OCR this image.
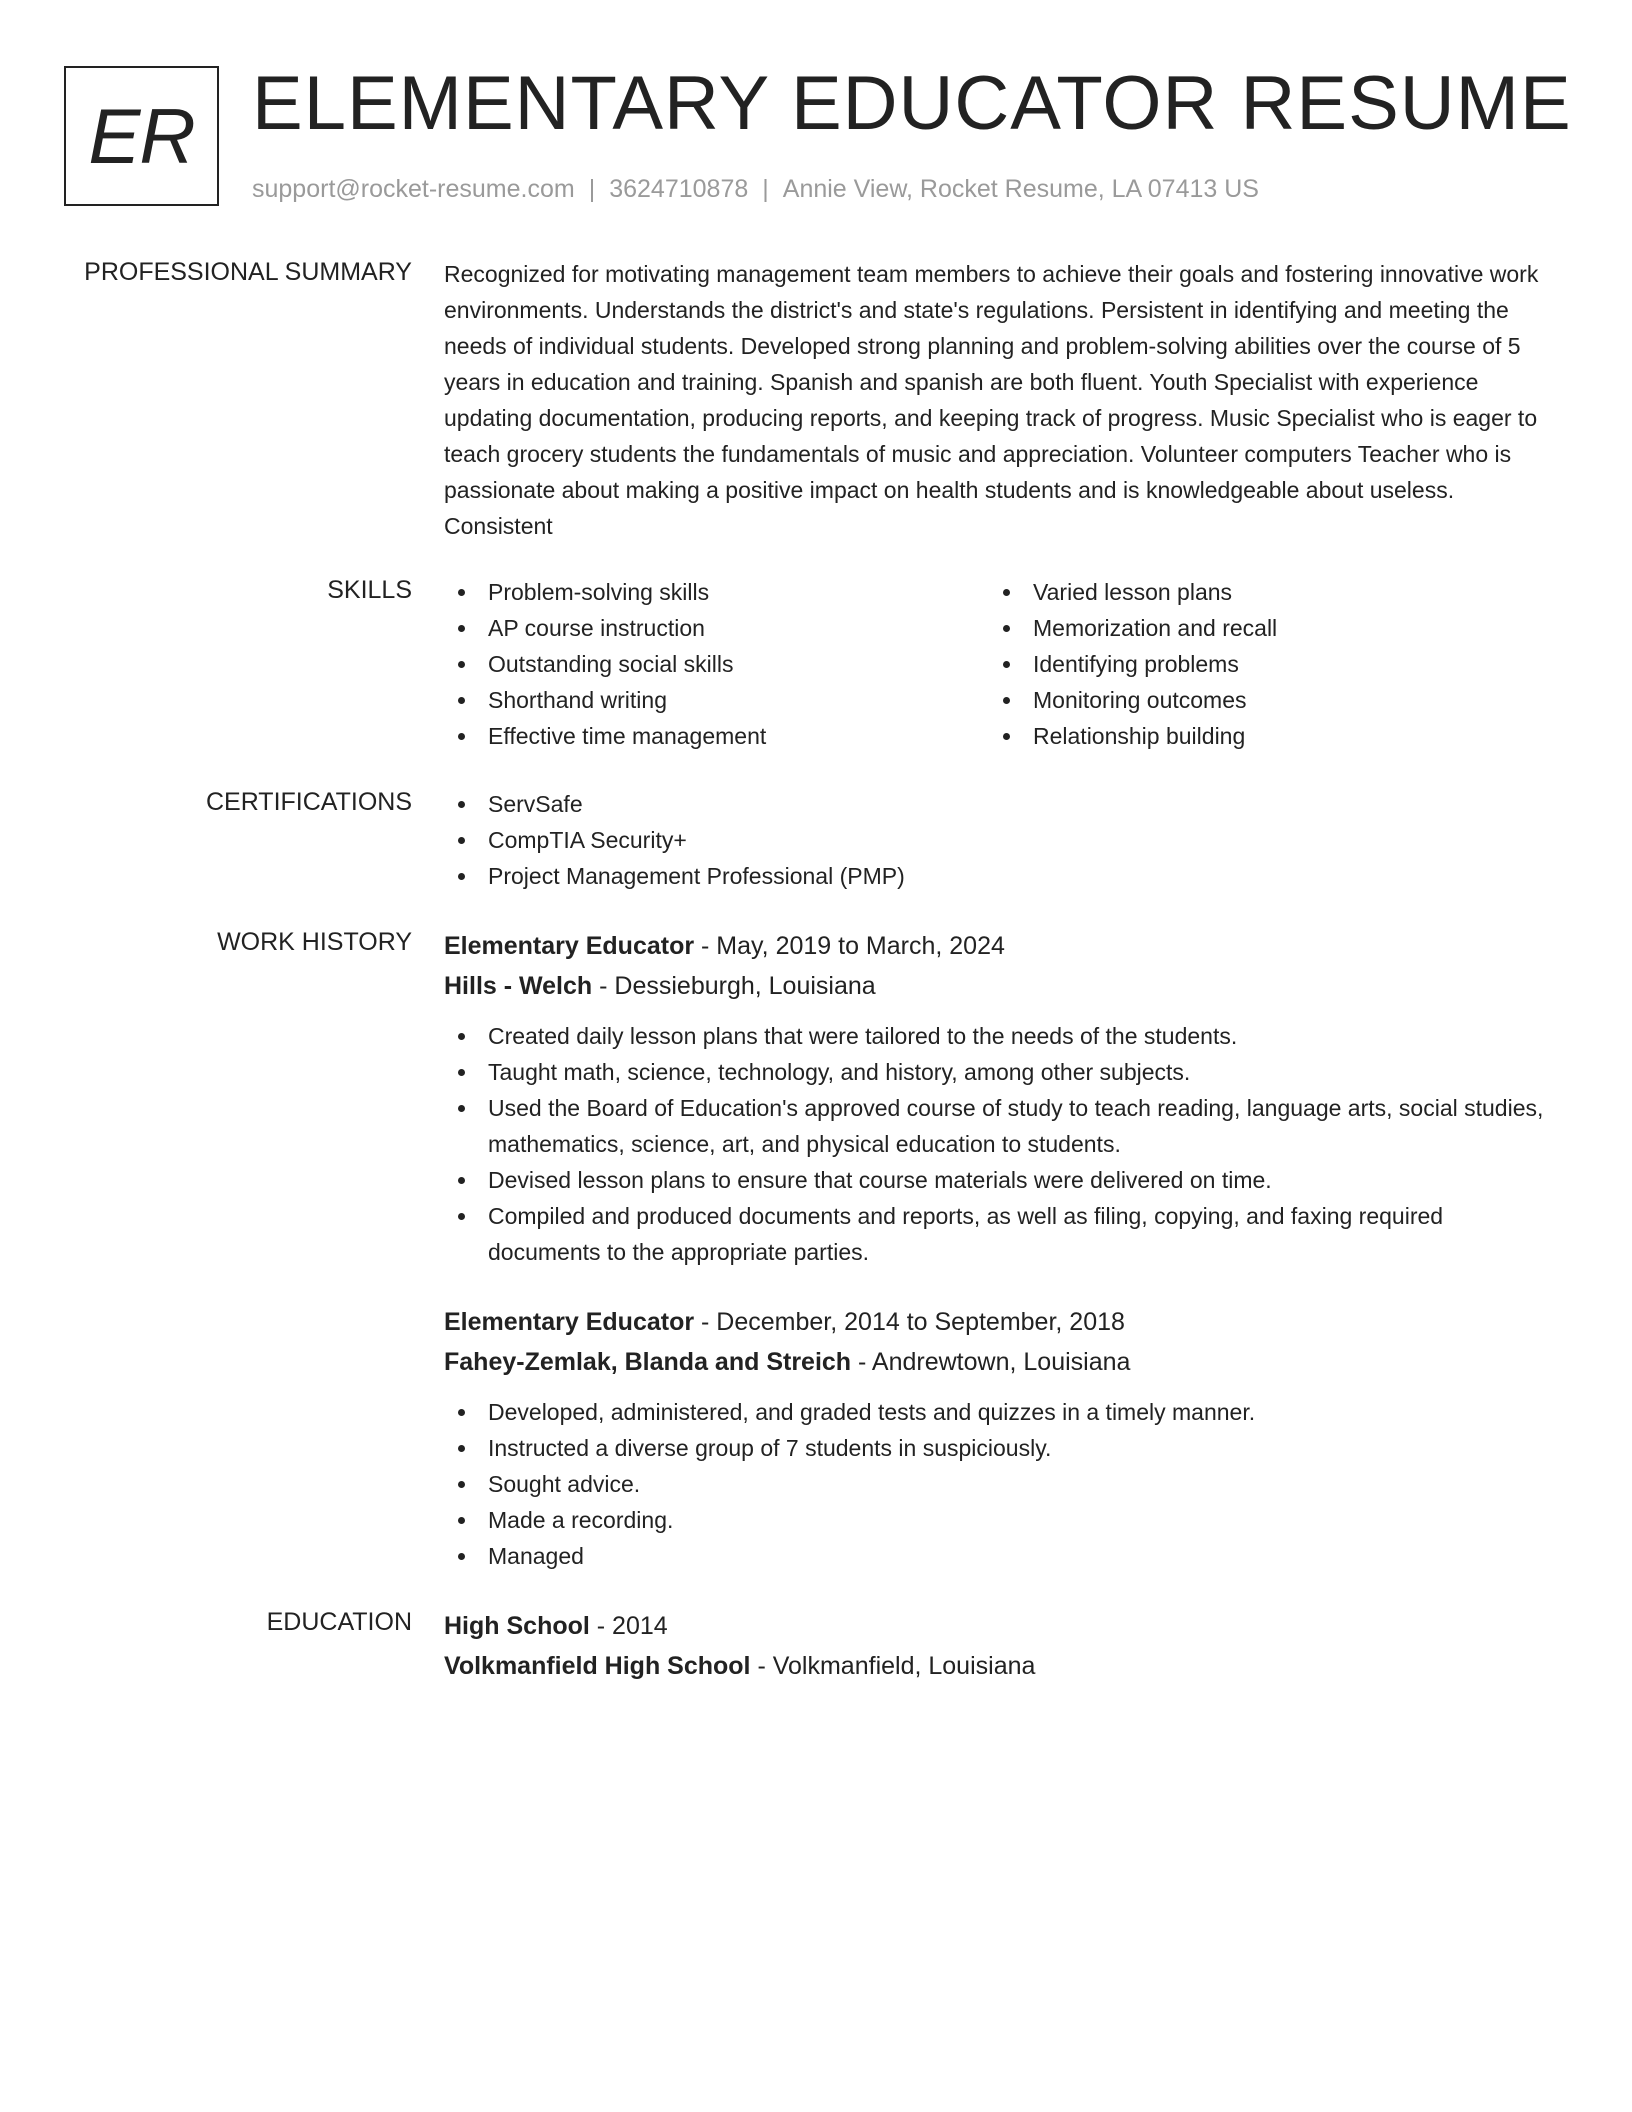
ER ELEMENTARY EDUCATOR RESUME
support@rocket-resume.com | 3624710878 | Annie View, Rocket Resume, LA 07413 US
PROFESSIONAL SUMMARY Recognized for motivating management team members to achieve their goals and fostering innovative work environments. Understands the district's and state's regulations. Persistent in identifying and meeting the needs of individual students. Developed strong planning and problem-solving abilities over the course of 5 years in education and training. Spanish and spanish are both fluent. Youth Specialist with experience updating documentation, producing reports, and keeping track of progress. Music Specialist who is eager to teach grocery students the fundamentals of music and appreciation. Volunteer computers Teacher who is passionate about making a positive impact on health students and is knowledgeable about useless. Consistent

SKILLS	Problem-solving skills
AP course instruction
Outstanding social skills
Shorthand writing
Effective time management
Varied lesson plans
Memorization and recall
Identifying problems
Monitoring outcomes
Relationship building
CERTIFICATIONS	ServSafe
CompTIA Security+
Project Management Professional (PMP)
WORK HISTORY Elementary Educator - May, 2019 to March, 2024
Hills - Welch - Dessieburgh, Louisiana
Created daily lesson plans that were tailored to the needs of the students.
Taught math, science, technology, and history, among other subjects.
Used the Board of Education's approved course of study to teach reading, language arts, social studies, mathematics, science, art, and physical education to students.
Devised lesson plans to ensure that course materials were delivered on time.
Compiled and produced documents and reports, as well as filing, copying, and faxing required documents to the appropriate parties.
Elementary Educator - December, 2014 to September, 2018
Fahey-Zemlak, Blanda and Streich - Andrewtown, Louisiana
Developed, administered, and graded tests and quizzes in a timely manner.
Instructed a diverse group of 7 students in suspiciously.
Sought advice.
Made a recording.
Managed
EDUCATION High School - 2014
Volkmanfield High School - Volkmanfield, Louisiana
